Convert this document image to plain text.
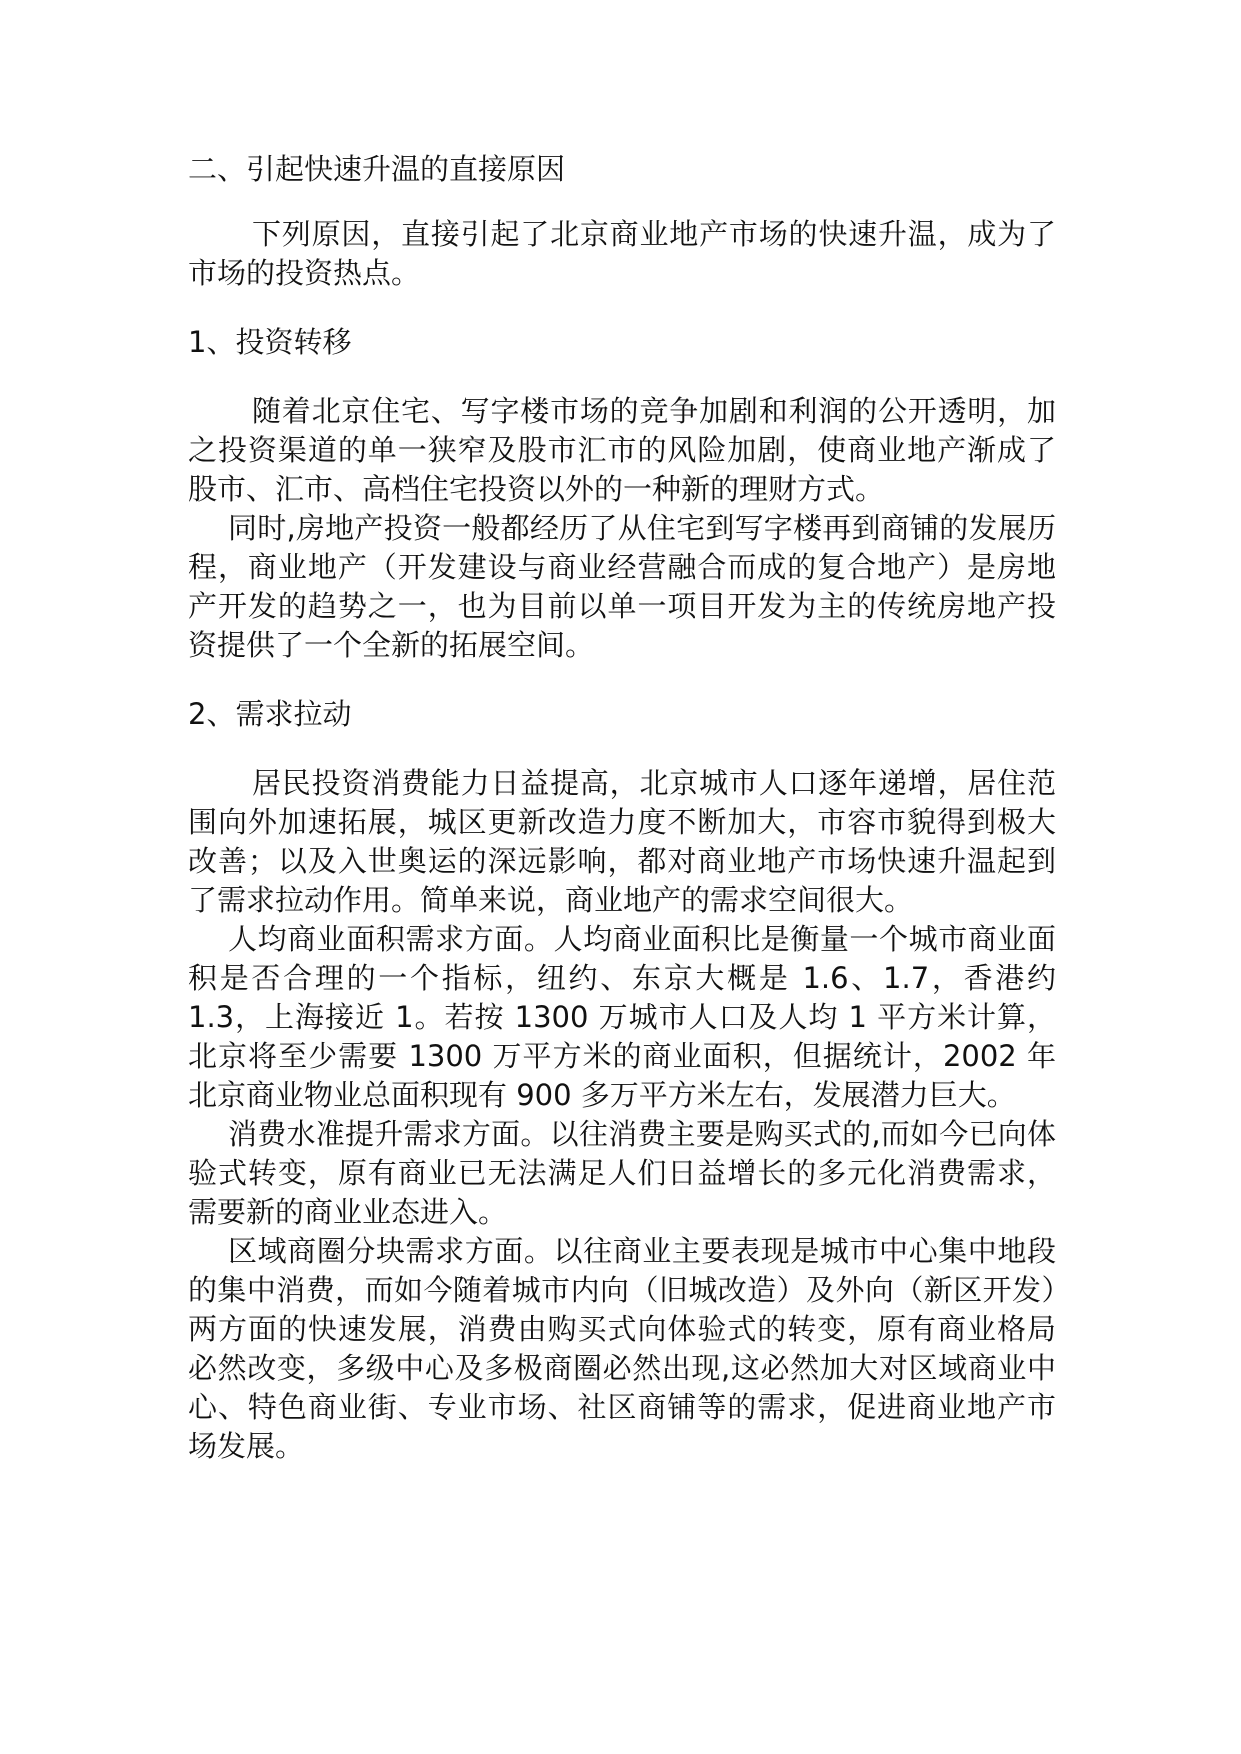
二、引起快速升温的直接原因

下列原因，直接引起了北京商业地产市场的快速升温，成为了市场的投资热点。

1、投资转移

随着北京住宅、写字楼市场的竞争加剧和利润的公开透明，加之投资渠道的单一狭窄及股市汇市的风险加剧，使商业地产渐成了股市、汇市、高档住宅投资以外的一种新的理财方式。

同时,房地产投资一般都经历了从住宅到写字楼再到商铺的发展历程，商业地产（开发建设与商业经营融合而成的复合地产）是房地产开发的趋势之一，也为目前以单一项目开发为主的传统房地产投资提供了一个全新的拓展空间。

2、需求拉动

居民投资消费能力日益提高，北京城市人口逐年递增，居住范围向外加速拓展，城区更新改造力度不断加大，市容市貌得到极大改善；以及入世奥运的深远影响，都对商业地产市场快速升温起到了需求拉动作用。简单来说，商业地产的需求空间很大。

人均商业面积需求方面。人均商业面积比是衡量一个城市商业面积是否合理的一个指标，纽约、东京大概是 1.6、1.7，香港约 1.3，上海接近 1。若按 1300 万城市人口及人均 1 平方米计算，北京将至少需要 1300 万平方米的商业面积，但据统计，2002 年北京商业物业总面积现有 900 多万平方米左右，发展潜力巨大。

消费水准提升需求方面。以往消费主要是购买式的,而如今已向体验式转变，原有商业已无法满足人们日益增长的多元化消费需求，需要新的商业业态进入。

区域商圈分块需求方面。以往商业主要表现是城市中心集中地段的集中消费，而如今随着城市内向（旧城改造）及外向（新区开发）两方面的快速发展，消费由购买式向体验式的转变，原有商业格局必然改变，多级中心及多极商圈必然出现,这必然加大对区域商业中心、特色商业街、专业市场、社区商铺等的需求，促进商业地产市场发展。
